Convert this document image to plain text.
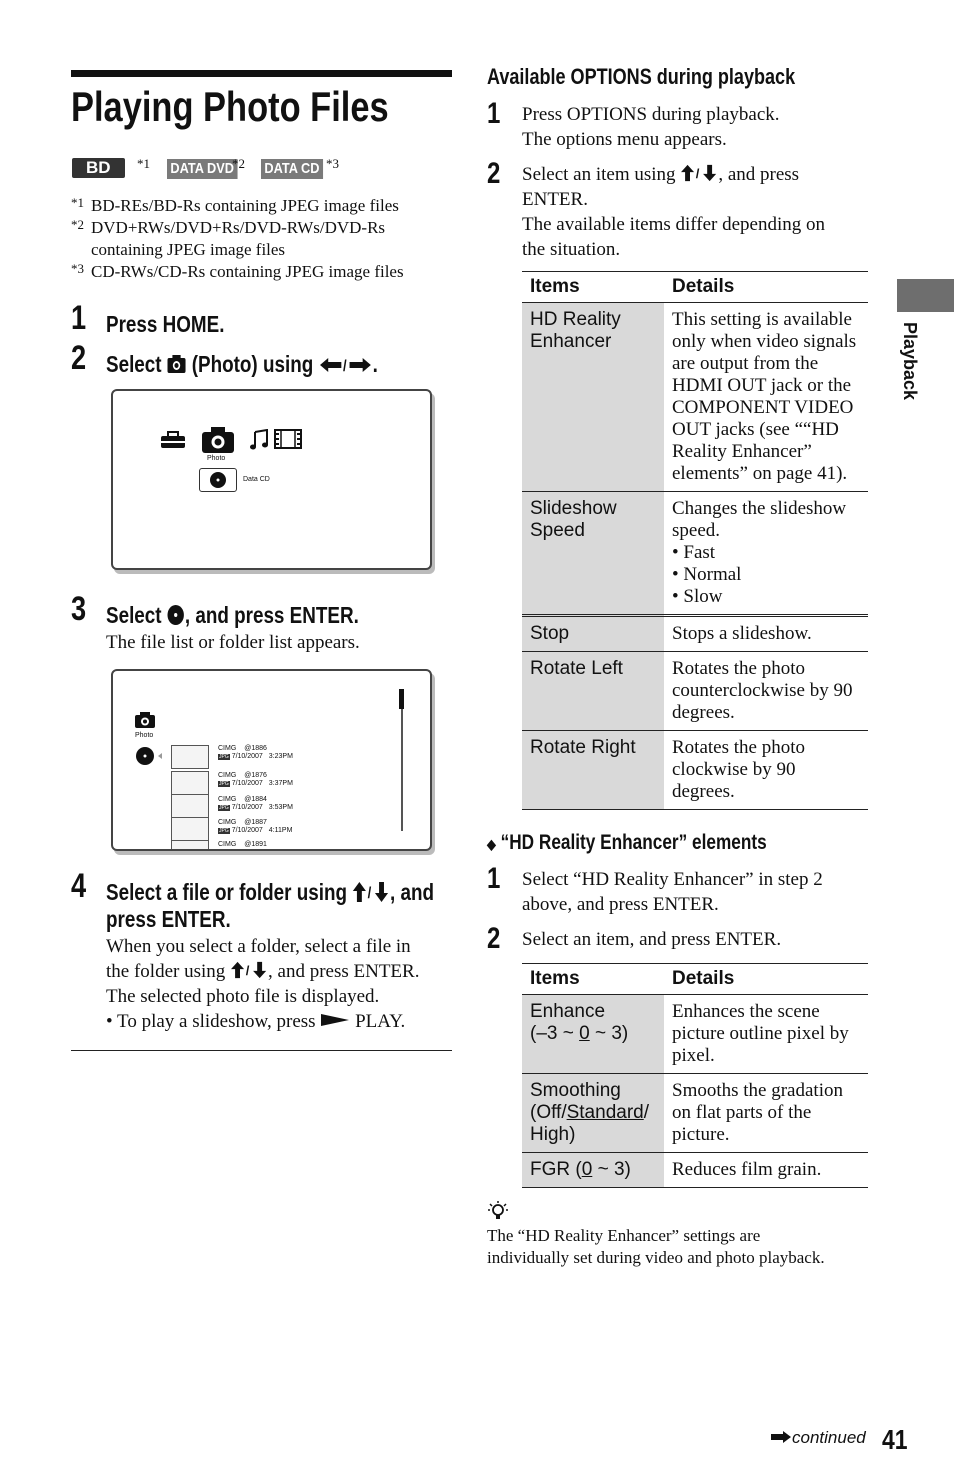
Playing Photo Files
BD	*1 DATA DVD
*2 DATA CD *3
*1 BD-REs/BD-Rs containing JPEG image files
*2 DVD+RWs/DVD+Rs/DVD-RWs/DVD-Rs containing JPEG image files
*3 CD-RWs/CD-Rs containing JPEG image files
1 Press HOME.
2 Select (Photo) using / .
Photo
Data CD
3 Select , and press ENTER.
The file list or folder list appears.
Photo
CIMG @1886
JPG 7/10/2007 3:23PM
CIMG @1876
JPG 7/10/2007 3:37PM
CIMG @1884
JPG 7/10/2007 3:53PM
CIMG @1887
JPG 7/10/2007 4:11PM
CIMG @1891
4 Select a file or folder using / , and
press ENTER.
When you select a folder, select a file in
the folder using / , and press ENTER.
The selected photo file is displayed.
• To play a slideshow, press PLAY.
Available OPTIONS during playback
1 Press OPTIONS during playback.
The options menu appears.
2 Select an item using / , and press
ENTER.
The available items differ depending on
the situation.
Items	Details
HD Reality Enhancer	This setting is available only when video signals are output from the HDMI OUT jack or the COMPONENT VIDEO OUT jacks (see ““HD Reality Enhancer” elements” on page 41).
Slideshow Speed	Changes the slideshow speed.
• Fast
• Normal
• Slow

Stop	Stops a slideshow.
Rotate Left	Rotates the photo counterclockwise by 90 degrees.
Rotate Right	Rotates the photo clockwise by 90 degrees.
◆ “HD Reality Enhancer” elements
1 Select “HD Reality Enhancer” in step 2
above, and press ENTER.
2 Select an item, and press ENTER.
Items	Details

Enhance
(–3 ~ 0 ~ 3)	Enhances the scene picture outline pixel by pixel.

Smoothing
(Off/Standard/
High)	Smooths the gradation on flat parts of the picture.
FGR (0 ~ 3)	Reduces film grain.
The “HD Reality Enhancer” settings are
individually set during video and photo playback.
Playback
continued 41
